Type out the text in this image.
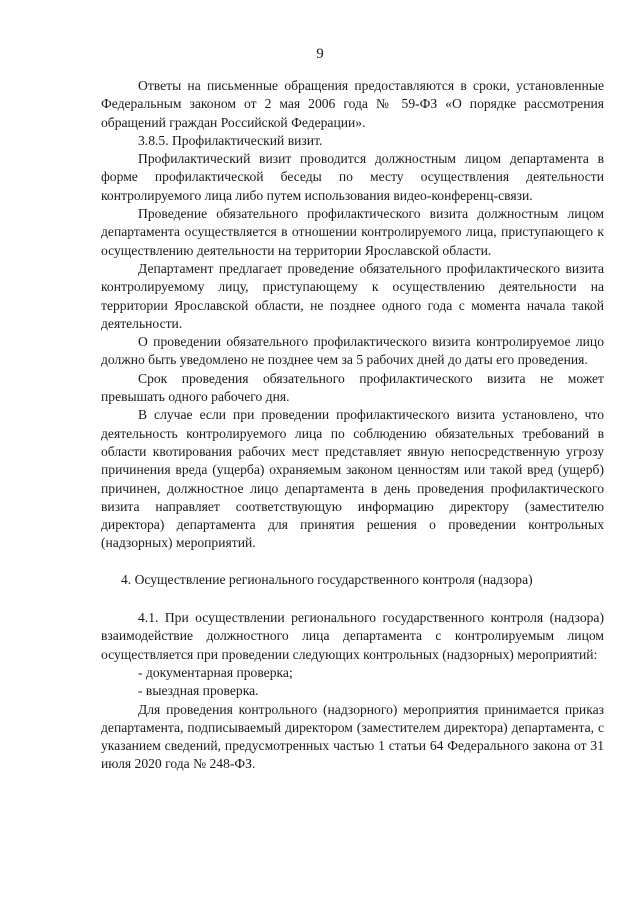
9

Ответы на письменные обращения предоставляются в сроки, установленные Федеральным законом от 2 мая 2006 года № 59-ФЗ «О порядке рассмотрения обращений граждан Российской Федерации».

3.8.5. Профилактический визит.

Профилактический визит проводится должностным лицом департамента в форме профилактической беседы по месту осуществления деятельности контролируемого лица либо путем использования видео-конференц-связи.

Проведение обязательного профилактического визита должностным лицом департамента осуществляется в отношении контролируемого лица, приступающего к осуществлению деятельности на территории Ярославской области.

Департамент предлагает проведение обязательного профилактического визита контролируемому лицу, приступающему к осуществлению деятельности на территории Ярославской области, не позднее одного года с момента начала такой деятельности.

О проведении обязательного профилактического визита контролируемое лицо должно быть уведомлено не позднее чем за 5 рабочих дней до даты его проведения.

Срок проведения обязательного профилактического визита не может превышать одного рабочего дня.

В случае если при проведении профилактического визита установлено, что деятельность контролируемого лица по соблюдению обязательных требований в области квотирования рабочих мест представляет явную непосредственную угрозу причинения вреда (ущерба) охраняемым законом ценностям или такой вред (ущерб) причинен, должностное лицо департамента в день проведения профилактического визита направляет соответствующую информацию директору (заместителю директора) департамента для принятия решения о проведении контрольных (надзорных) мероприятий.

4. Осуществление регионального государственного контроля (надзора)

4.1. При осуществлении регионального государственного контроля (надзора) взаимодействие должностного лица департамента с контролируемым лицом осуществляется при проведении следующих контрольных (надзорных) мероприятий:

- документарная проверка;

- выездная проверка.

Для проведения контрольного (надзорного) мероприятия принимается приказ департамента, подписываемый директором (заместителем директора) департамента, с указанием сведений, предусмотренных частью 1 статьи 64 Федерального закона от 31 июля 2020 года № 248-ФЗ.
